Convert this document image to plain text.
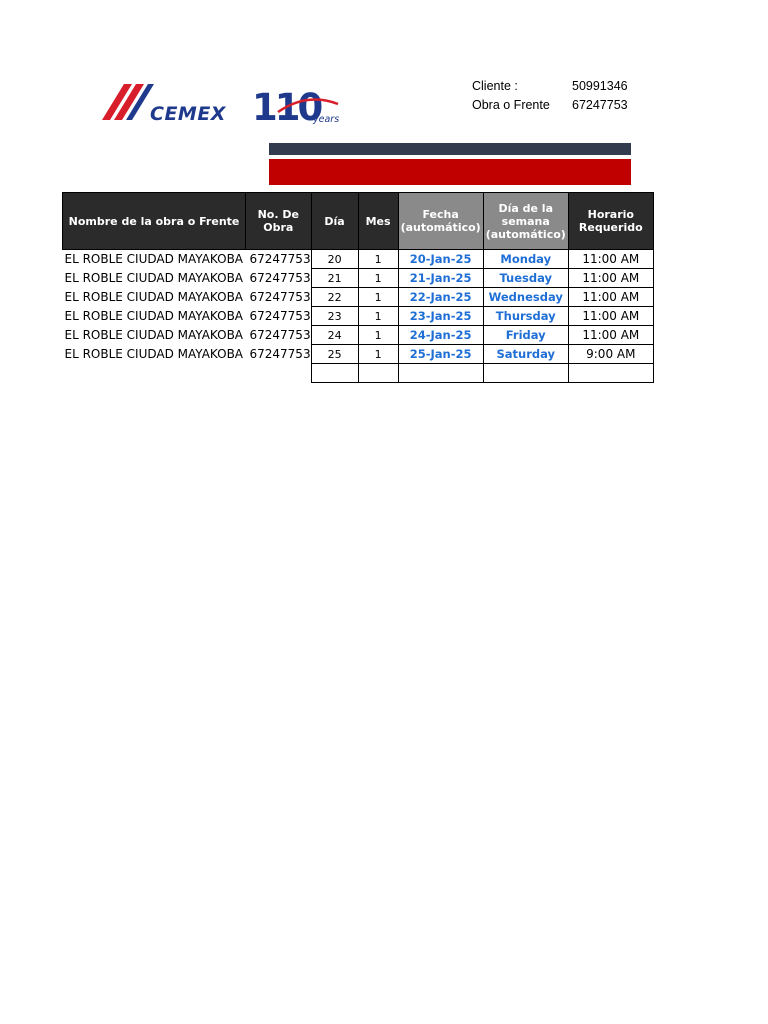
CEMEX 110
years
Cliente :	50991346
Obra o Frente	67247753
Nombre de la obra o Frente	No. De Obra	Día	Mes	Fecha (automático)	Día de la semana (automático)	Horario Requerido
EL ROBLE CIUDAD MAYAKOBA	67247753	20	1	20-Jan-25	Monday	11:00 AM
EL ROBLE CIUDAD MAYAKOBA	67247753	21	1	21-Jan-25	Tuesday	11:00 AM
EL ROBLE CIUDAD MAYAKOBA	67247753	22	1	22-Jan-25	Wednesday	11:00 AM
EL ROBLE CIUDAD MAYAKOBA	67247753	23	1	23-Jan-25	Thursday	11:00 AM
EL ROBLE CIUDAD MAYAKOBA	67247753	24	1	24-Jan-25	Friday	11:00 AM
EL ROBLE CIUDAD MAYAKOBA	67247753	25	1	25-Jan-25	Saturday	9:00 AM
